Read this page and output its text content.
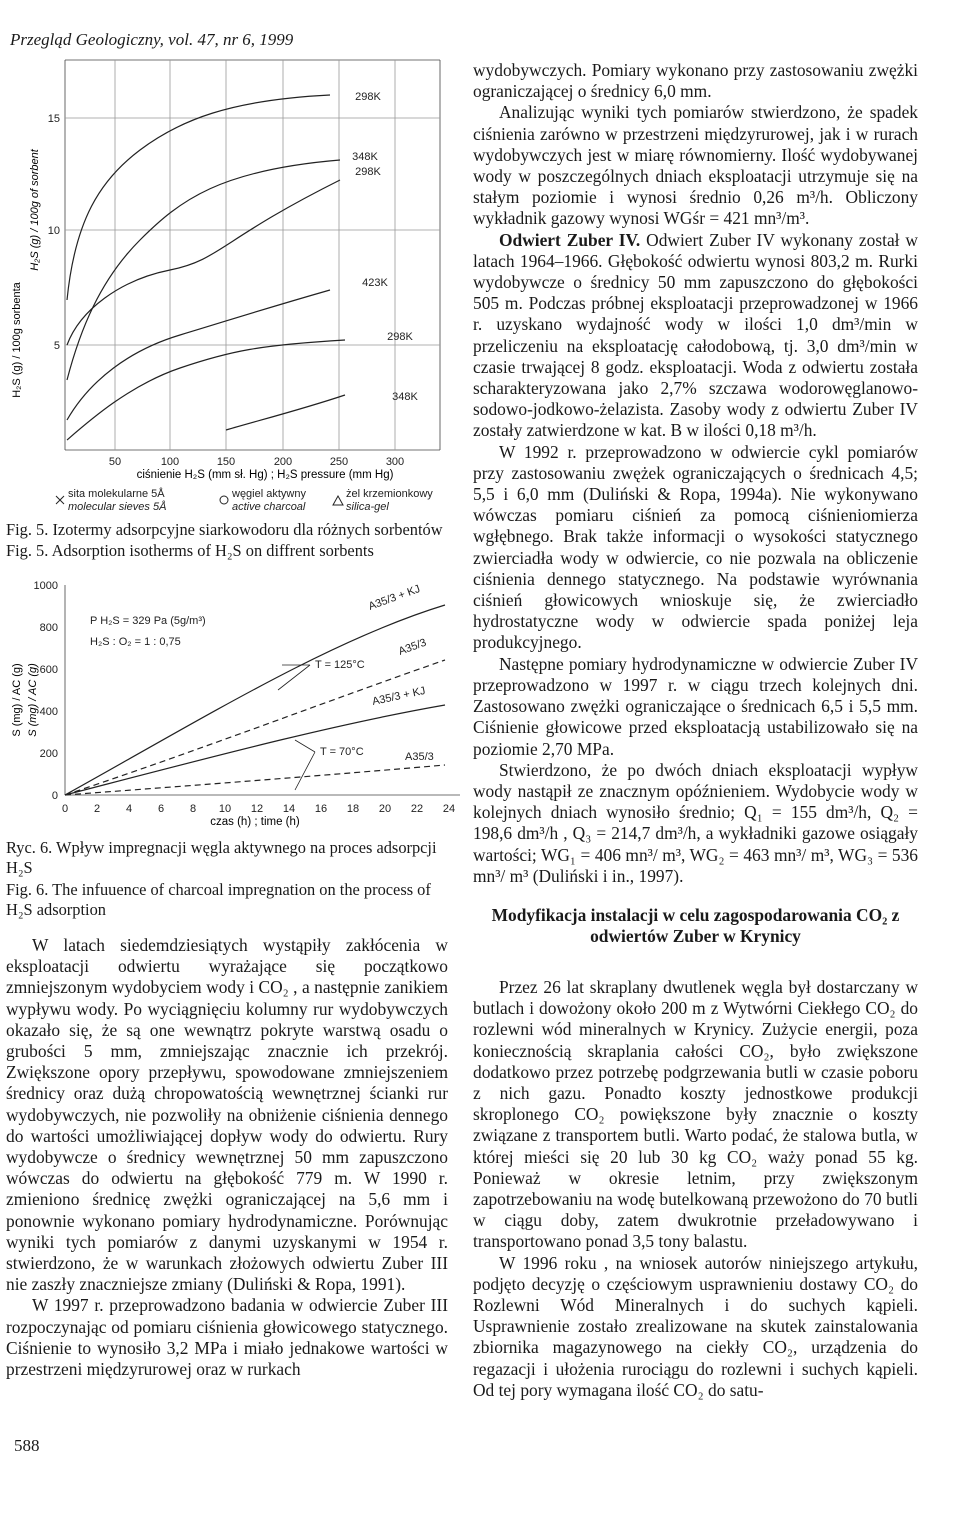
Przegląd Geologiczny, vol. 47, nr 6, 1999
298K
348K
298K
423K
298K
348K
5
10
15
50	100	150	200	250	300
ciśnienie H₂S (mm sł. Hg) ; H₂S pressure (mm Hg)
H₂S (g) / 100g sorbenta
H₂S (g) / 100g of sorbent
sita molekularne 5Å
molecular sieves 5Å
węgiel aktywny
active charcoal
żel krzemionkowy
silica-gel
Fig. 5. Izotermy adsorpcyjne siarkowodoru dla różnych sorbentów
Fig. 5. Adsorption isotherms of H₂S on diffrent sorbents
0
200
400
600
800
1000
0 2 4 6 8 10 12 14 16 18 20 22 24
czas (h) ; time (h)
S (mg) / AC (g) S (mg) / AC (g)
P H₂S = 329 Pa (5g/m³)
H₂S : O₂ = 1 : 0,75
A35/3 + KJ
A35/3
A35/3 + KJ
A35/3
T = 125°C
T = 70°C
Ryc. 6. Wpływ impregnacji węgla aktywnego na proces adsorpcji H₂S
Fig. 6. The infuuence of charcoal impregnation on the process of H₂S adsorption

W latach siedemdziesiątych wystąpiły zakłócenia w eksploatacji odwiertu wyrażające się początkowo zmniejszonym wydobyciem wody i CO₂ , a następnie zanikiem wypływu wody. Po wyciągnięciu kolumny rur wydobywczych okazało się, że są one wewnątrz pokryte warstwą osadu o grubości 5 mm, zmniejszając znacznie ich przekrój. Zwiększone opory przepływu, spowodowane zmniejszeniem średnicy oraz dużą chropowatością wewnętrznej ścianki rur wydobywczych, nie pozwoliły na obniżenie ciśnienia dennego do wartości umożliwiającej dopływ wody do odwiertu. Rury wydobywcze o średnicy wewnętrznej 50 mm zapuszczono wówczas do odwiertu na głębokość 779 m. W 1990 r. zmieniono średnicę zwężki ograniczającej na 5,6 mm i ponownie wykonano pomiary hydrodynamiczne. Porównując wyniki tych pomiarów z danymi uzyskanymi w 1954 r. stwierdzono, że w warunkach złożowych odwiertu Zuber III nie zaszły znaczniejsze zmiany (Duliński & Ropa, 1991).

W 1997 r. przeprowadzono badania w odwiercie Zuber III rozpoczynając od pomiaru ciśnienia głowicowego statycznego. Ciśnienie to wynosiło 3,2 MPa i miało jednakowe wartości w przestrzeni międzyrurowej oraz w rurkach

wydobywczych. Pomiary wykonano przy zastosowaniu zwężki ograniczającej o średnicy 6,0 mm.

Analizując wyniki tych pomiarów stwierdzono, że spadek ciśnienia zarówno w przestrzeni międzyrurowej, jak i w rurach wydobywczych jest w miarę równomierny. Ilość wydobywanej wody w poszczególnych dniach eksploatacji utrzymuje się na stałym poziomie i wynosi średnio 0,26 m³/h. Obliczony wykładnik gazowy wynosi WGśr = 421 mn³/m³.

Odwiert Zuber IV. Odwiert Zuber IV wykonany został w latach 1964–1966. Głębokość odwiertu wynosi 803,2 m. Rurki wydobywcze o średnicy 50 mm zapuszczono do głębokości 505 m. Podczas próbnej eksploatacji przeprowadzonej w 1966 r. uzyskano wydajność wody w ilości 1,0 dm³/min w przeliczeniu na eksploatację całodobową, tj. 3,0 dm³/min w czasie trwającej 8 godz. eksploatacji. Woda z odwiertu została scharakteryzowana jako 2,7% szczawa wodorowęglanowo-sodowo-jodkowo-żelazista. Zasoby wody z odwiertu Zuber IV zostały zatwierdzone w kat. B w ilości 0,18 m³/h.

W 1992 r. przeprowadzono w odwiercie cykl pomiarów przy zastosowaniu zwężek ograniczających o średnicach 4,5; 5,5 i 6,0 mm (Duliński & Ropa, 1994a). Nie wykonywano wówczas pomiaru ciśnień za pomocą ciśnieniomierza wgłębnego. Brak także informacji o wysokości statycznego zwierciadła wody w odwiercie, co nie pozwala na obliczenie ciśnienia dennego statycznego. Na podstawie wyrównania ciśnień głowicowych wnioskuje się, że zwierciadło hydrostatyczne wody w odwiercie spada poniżej leja produkcyjnego.

Następne pomiary hydrodynamiczne w odwiercie Zuber IV przeprowadzono w 1997 r. w ciągu trzech kolejnych dni. Zastosowano zwężki ograniczające o średnicach 6,5 i 5,5 mm. Ciśnienie głowicowe przed eksploatacją ustabilizowało się na poziomie 2,70 MPa.

Stwierdzono, że po dwóch dniach eksploatacji wypływ wody nastąpił ze znacznym opóźnieniem. Wydobycie wody w kolejnych dniach wynosiło średnio; Q₁ = 155 dm³/h, Q₂ = 198,6 dm³/h , Q₃ = 214,7 dm³/h, a wykładniki gazowe osiągały wartości; WG₁ = 406 mn³/ m³, WG₂ = 463 mn³/ m³, WG₃ = 536 mn³/ m³ (Duliński i in., 1997).

Modyfikacja instalacji w celu zagospodarowania CO₂ z odwiertów Zuber w Krynicy

Przez 26 lat skraplany dwutlenek węgla był dostarczany w butlach i dowożony około 200 m z Wytwórni Ciekłego CO₂ do rozlewni wód mineralnych w Krynicy. Zużycie energii, poza koniecznością skraplania całości CO₂, było zwiększone dodatkowo przez potrzebę podgrzewania butli w czasie poboru z nich gazu. Ponadto koszty jednostkowe produkcji skroplonego CO₂ powiększone były znacznie o koszty związane z transportem butli. Warto podać, że stalowa butla, w której mieści się 20 lub 30 kg CO₂ waży ponad 55 kg. Ponieważ w okresie letnim, przy zwiększonym zapotrzebowaniu na wodę butelkowaną przewożono do 70 butli w ciągu doby, zatem dwukrotnie przeładowywano i transportowano ponad 3,5 tony balastu.

W 1996 roku , na wniosek autorów niniejszego artykułu, podjęto decyzję o częściowym usprawnieniu dostawy CO₂ do Rozlewni Wód Mineralnych i do suchych kąpieli. Usprawnienie zostało zrealizowane na skutek zainstalowania zbiornika magazynowego na ciekły CO₂, urządzenia do regazacji i ułożenia rurociągu do rozlewni i suchych kąpieli. Od tej pory wymagana ilość CO₂ do satu-

588
